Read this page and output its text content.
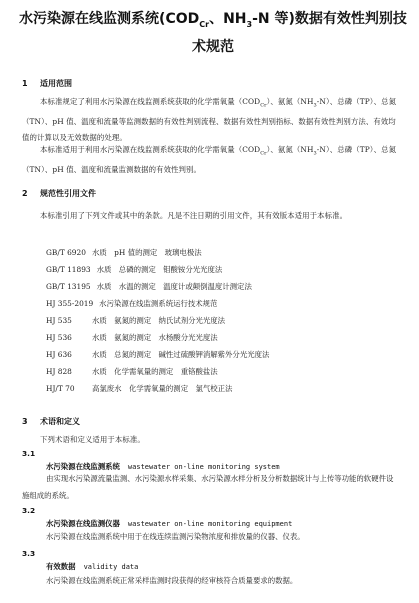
水污染源在线监测系统($COD_{Cr}$、$NH_3-N$ 等)数据有效性判别技术规范
1 适用范围
本标准规定了利用水污染源在线监测系统获取的化学需氧量$(COD_{Cr})$、氨氮$(NH_3-N)$、总磷（TP）、总氮（TN）、pH 值、温度和流量等监测数据的有效性判别流程、数据有效性判别指标、数据有效性判别方法、有效均值的计算以及无效数据的处理。
本标准适用于利用水污染源在线监测系统获取的化学需氧量$(COD_{Cr})$、氨氮$(NH_3-N)$、总磷（TP）、总氮（TN）、pH 值、温度和流量监测数据的有效性判别。
2 规范性引用文件
本标准引用了下列文件或其中的条款。凡是不注日期的引用文件，其有效版本适用于本标准。
GB/T 6920 水质　pH 值的测定　玻璃电极法
GB/T 11893 水质　总磷的测定　钼酸铵分光光度法
GB/T 13195 水质　水温的测定　温度计或颠倒温度计测定法
HJ 355-2019 水污染源在线监测系统运行技术规范
HJ 535	水质　氨氮的测定　纳氏试剂分光光度法
HJ 536	水质　氨氮的测定　水杨酸分光光度法
HJ 636	水质　总氮的测定　碱性过硫酸钾消解紫外分光光度法
HJ 828	水质　化学需氧量的测定　重铬酸盐法
HJ/T 70 高氯废水　化学需氧量的测定　氯气校正法
3 术语和定义
下列术语和定义适用于本标准。
3.1
水污染源在线监测系统 wastewater on-line monitoring system
由实现水污染源流量监测、水污染源水样采集、水污染源水样分析及分析数据统计与上传等功能的软硬件设施组成的系统。
3.2
水污染源在线监测仪器 wastewater on-line monitoring equipment
水污染源在线监测系统中用于在线连续监测污染物浓度和排放量的仪器、仪表。
3.3
有效数据 validity data
水污染源在线监测系统正常采样监测时段获得的经审核符合质量要求的数据。
